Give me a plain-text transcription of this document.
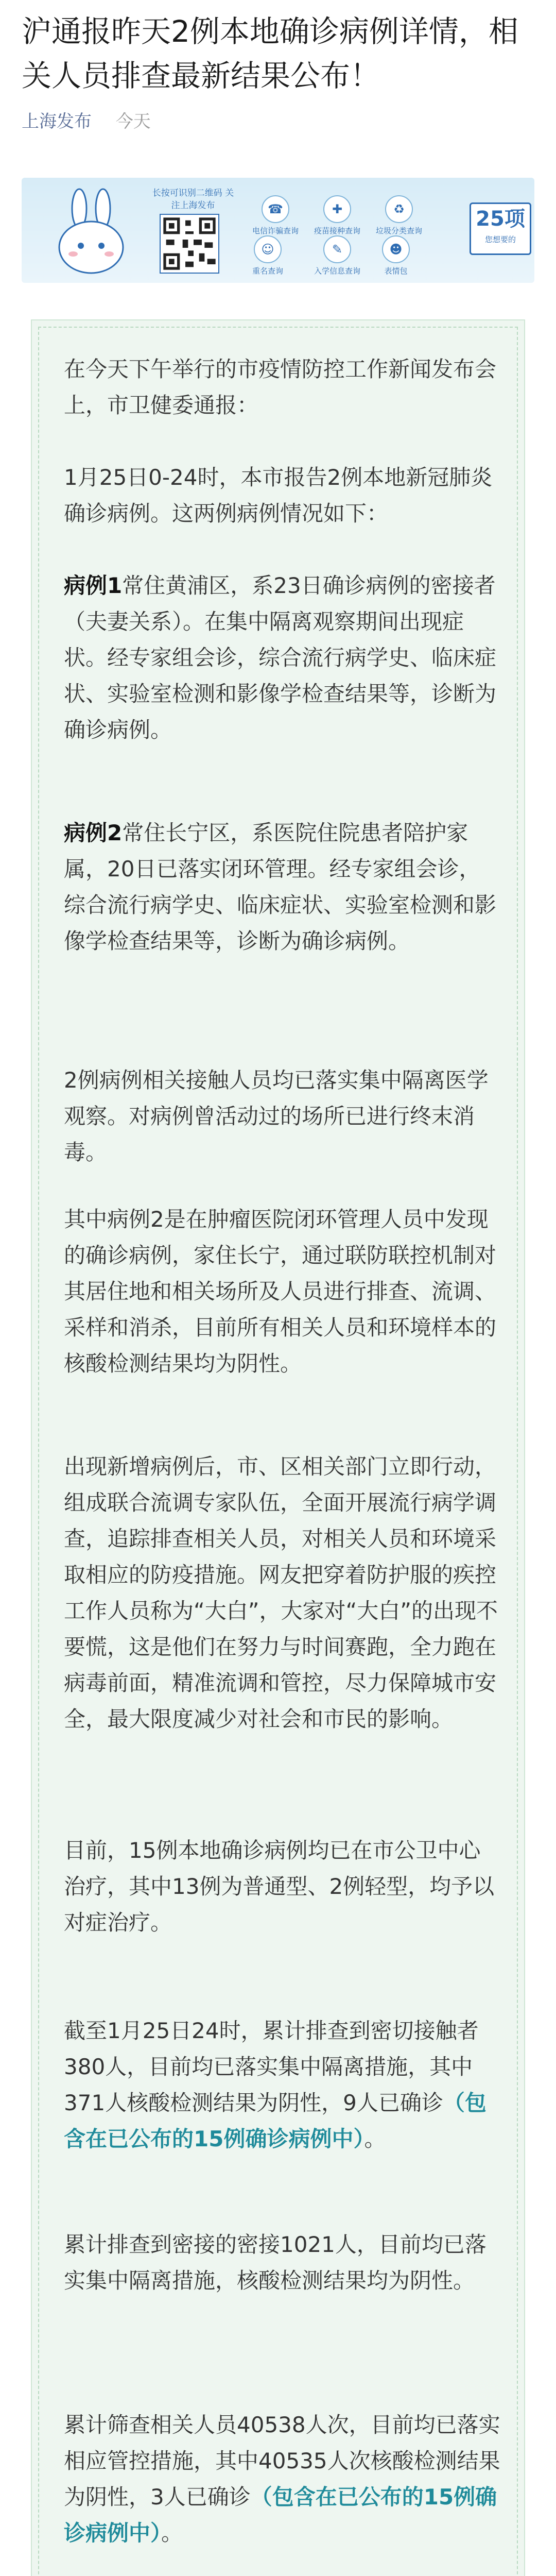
沪通报昨天2例本地确诊病例详情，相关人员排查最新结果公布！
上海发布 今天
长按可识别二维码 关注上海发布	☎
电信诈骗查询
✚
疫苗接种查询
♻
垃圾分类查询
☺
重名查询
✎
入学信息查询
☻
表情包
25项
您想要的

在今天下午举行的市疫情防控工作新闻发布会上，市卫健委通报：

1月25日0-24时，本市报告2例本地新冠肺炎确诊病例。这两例病例情况如下：

病例1常住黄浦区，系23日确诊病例的密接者（夫妻关系）。在集中隔离观察期间出现症状。经专家组会诊，综合流行病学史、临床症状、实验室检测和影像学检查结果等，诊断为确诊病例。

病例2常住长宁区，系医院住院患者陪护家属，20日已落实闭环管理。经专家组会诊，综合流行病学史、临床症状、实验室检测和影像学检查结果等，诊断为确诊病例。

2例病例相关接触人员均已落实集中隔离医学观察。对病例曾活动过的场所已进行终末消毒。

其中病例2是在肿瘤医院闭环管理人员中发现的确诊病例，家住长宁，通过联防联控机制对其居住地和相关场所及人员进行排查、流调、采样和消杀，目前所有相关人员和环境样本的核酸检测结果均为阴性。

出现新增病例后，市、区相关部门立即行动，组成联合流调专家队伍，全面开展流行病学调查，追踪排查相关人员，对相关人员和环境采取相应的防疫措施。网友把穿着防护服的疾控工作人员称为“大白”，大家对“大白”的出现不要慌，这是他们在努力与时间赛跑，全力跑在病毒前面，精准流调和管控，尽力保障城市安全，最大限度减少对社会和市民的影响。

目前，15例本地确诊病例均已在市公卫中心治疗，其中13例为普通型、2例轻型，均予以对症治疗。

截至1月25日24时，累计排查到密切接触者380人，目前均已落实集中隔离措施，其中371人核酸检测结果为阴性，9人已确诊（包含在已公布的15例确诊病例中）。

累计排查到密接的密接1021人，目前均已落实集中隔离措施，核酸检测结果均为阴性。

累计筛查相关人员40538人次，目前均已落实相应管控措施，其中40535人次核酸检测结果为阴性，3人已确诊（包含在已公布的15例确诊病例中）。
